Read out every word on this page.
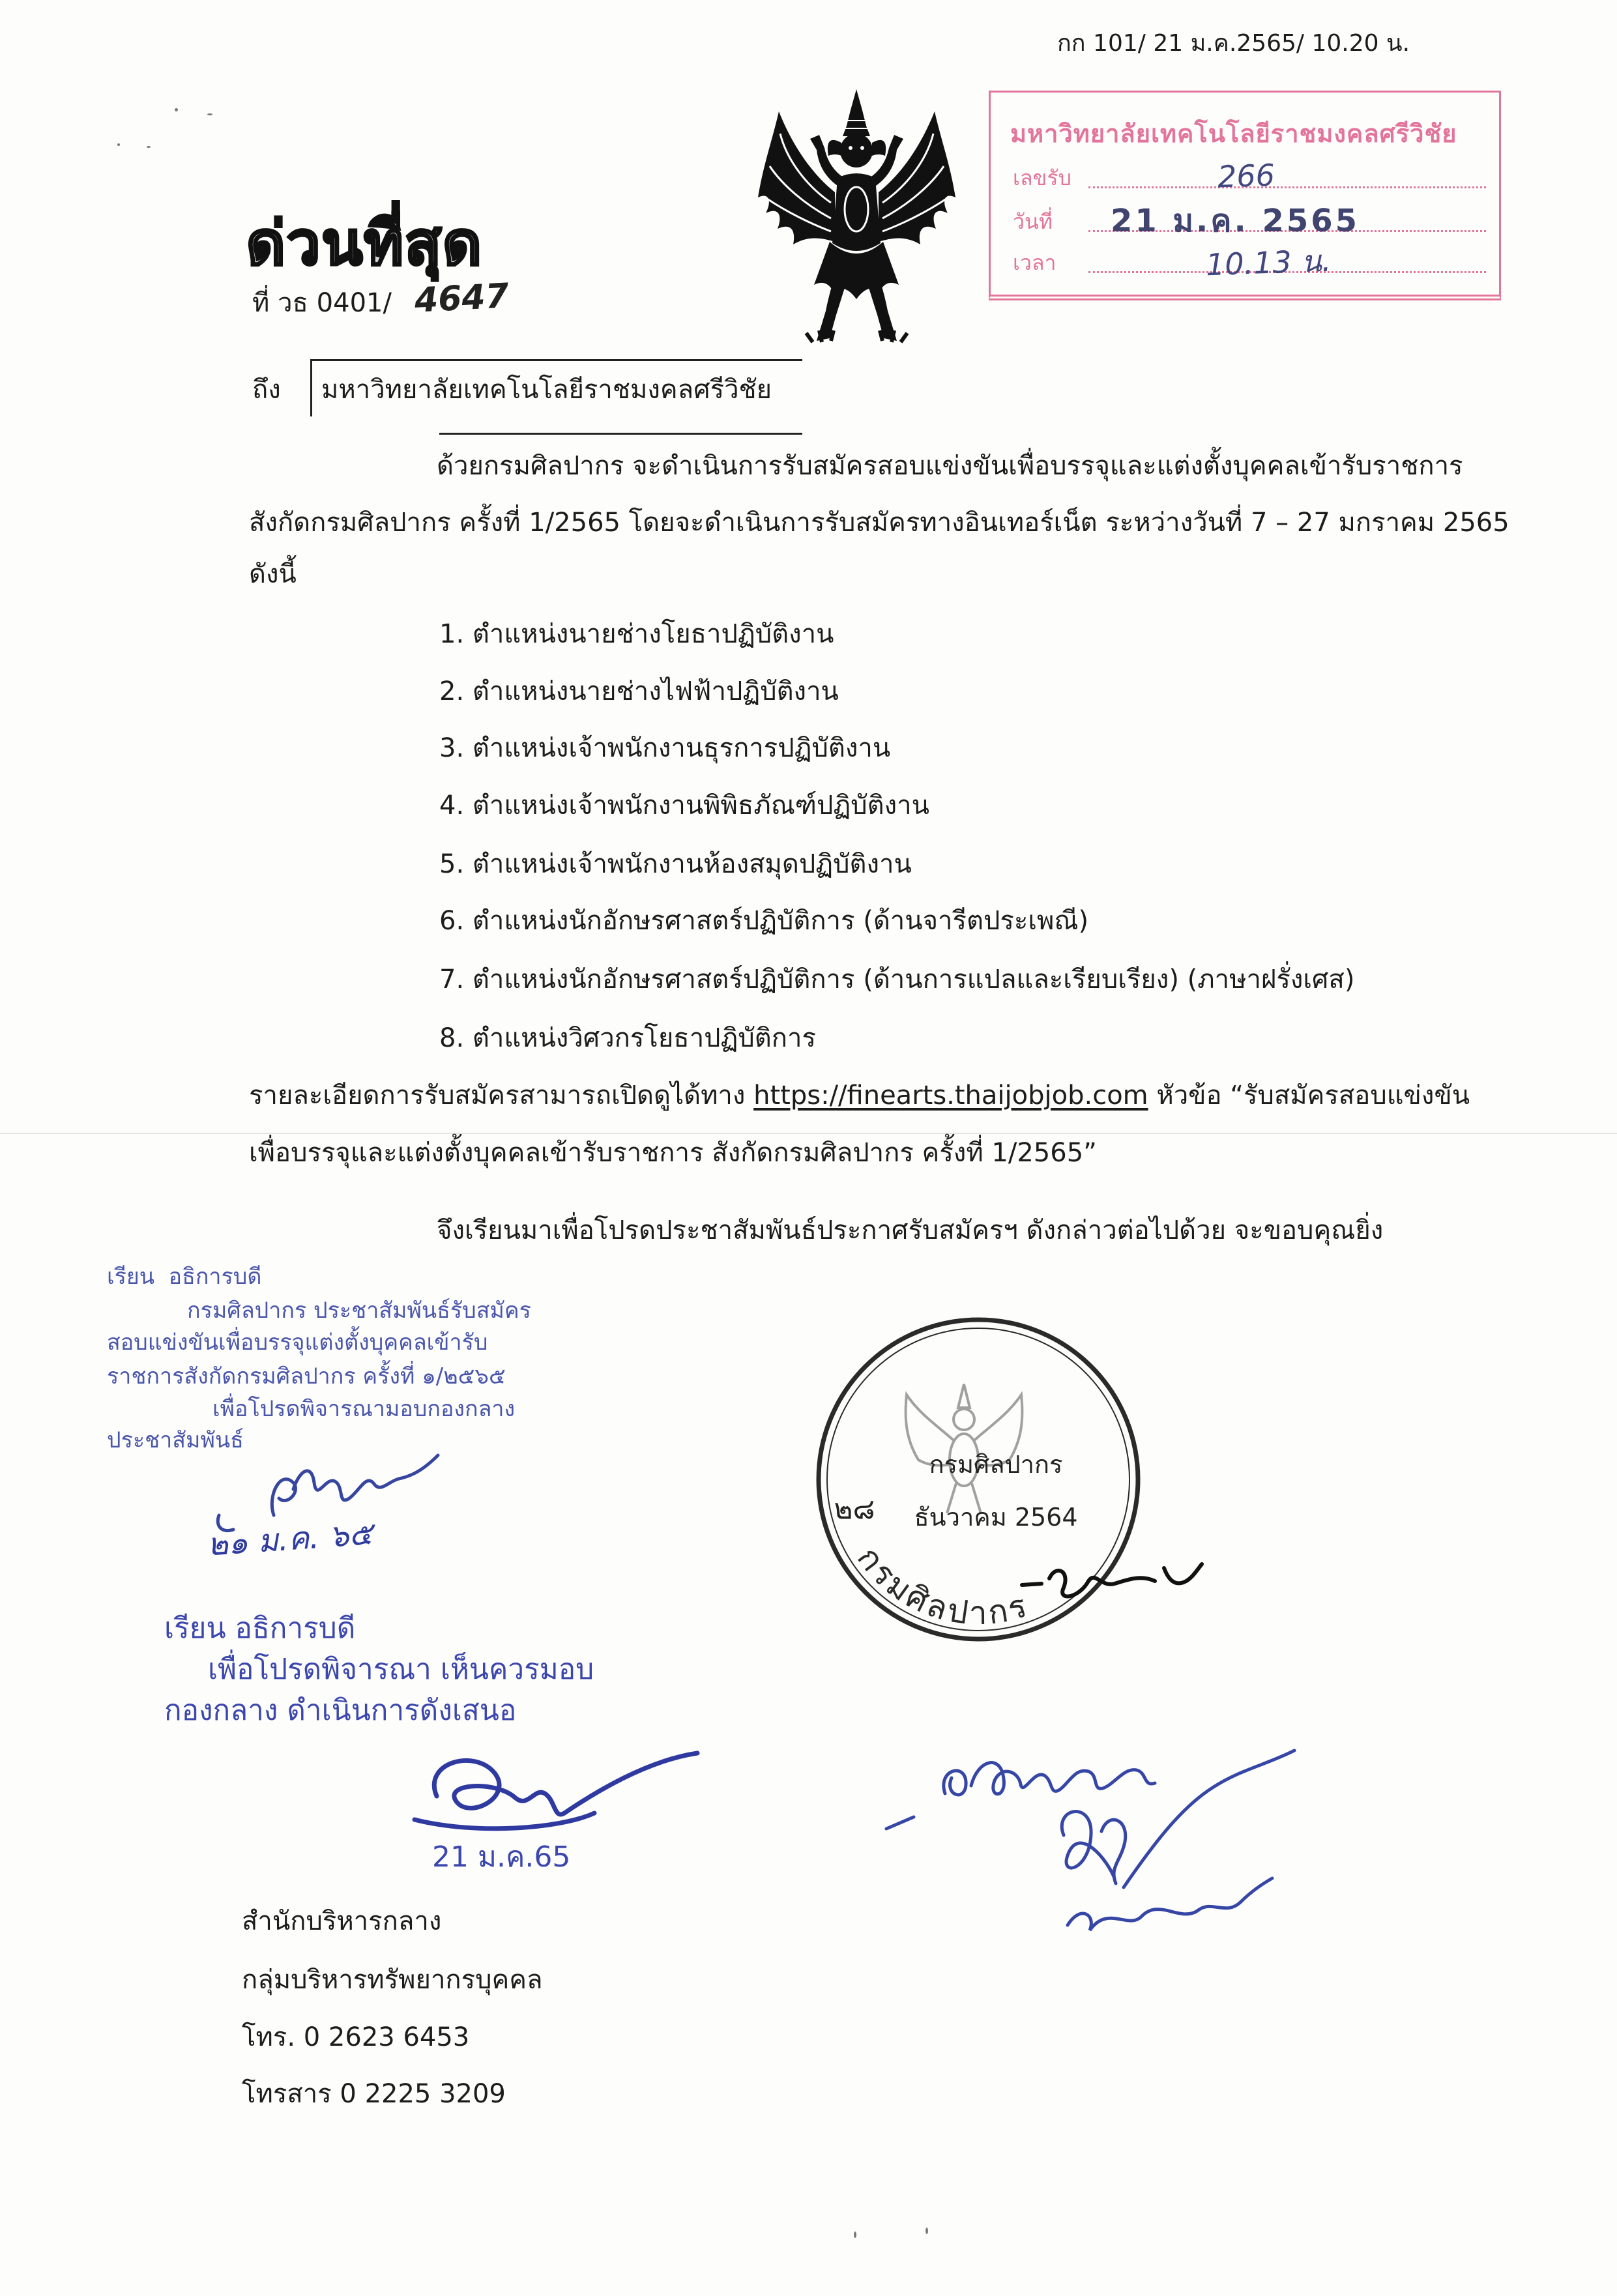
กก 101/ 21 ม.ค.2565/ 10.20 น.
มหาวิทยาลัยเทคโนโลยีราชมงคลศรีวิชัย
เลขรับ
วันที่
เวลา
266
21 ม.ค. 2565
10.13 น.
ด่วนที่สุด
ที่ วธ 0401/ 4647
ถึง มหาวิทยาลัยเทคโนโลยีราชมงคลศรีวิชัย
ด้วยกรมศิลปากร จะดำเนินการรับสมัครสอบแข่งขันเพื่อบรรจุและแต่งตั้งบุคคลเข้ารับราชการ
สังกัดกรมศิลปากร ครั้งที่ 1/2565 โดยจะดำเนินการรับสมัครทางอินเทอร์เน็ต ระหว่างวันที่ 7 – 27 มกราคม 2565
ดังนี้
1. ตำแหน่งนายช่างโยธาปฏิบัติงาน
2. ตำแหน่งนายช่างไฟฟ้าปฏิบัติงาน
3. ตำแหน่งเจ้าพนักงานธุรการปฏิบัติงาน
4. ตำแหน่งเจ้าพนักงานพิพิธภัณฑ์ปฏิบัติงาน
5. ตำแหน่งเจ้าพนักงานห้องสมุดปฏิบัติงาน
6. ตำแหน่งนักอักษรศาสตร์ปฏิบัติการ (ด้านจารีตประเพณี)
7. ตำแหน่งนักอักษรศาสตร์ปฏิบัติการ (ด้านการแปลและเรียบเรียง) (ภาษาฝรั่งเศส)
8. ตำแหน่งวิศวกรโยธาปฏิบัติการ
รายละเอียดการรับสมัครสามารถเปิดดูได้ทาง https://finearts.thaijobjob.com หัวข้อ “รับสมัครสอบแข่งขัน
เพื่อบรรจุและแต่งตั้งบุคคลเข้ารับราชการ สังกัดกรมศิลปากร ครั้งที่ 1/2565”
จึงเรียนมาเพื่อโปรดประชาสัมพันธ์ประกาศรับสมัครฯ ดังกล่าวต่อไปด้วย จะขอบคุณยิ่ง
เรียน  อธิการบดี
กรมศิลปากร ประชาสัมพันธ์รับสมัคร
สอบแข่งขันเพื่อบรรจุแต่งตั้งบุคคลเข้ารับ
ราชการสังกัดกรมศิลปากร ครั้งที่ ๑/๒๕๖๕
เพื่อโปรดพิจารณามอบกองกลาง
ประชาสัมพันธ์
๒๑ ม.ค. ๖๕
เรียน อธิการบดี
เพื่อโปรดพิจารณา เห็นควรมอบ
กองกลาง ดำเนินการดังเสนอ
21 ม.ค.65
กรมศิลปากร
๒๘ ธันวาคม 2564
กรมศิลปากร
สำนักบริหารกลาง
กลุ่มบริหารทรัพยากรบุคคล
โทร. 0 2623 6453
โทรสาร 0 2225 3209
